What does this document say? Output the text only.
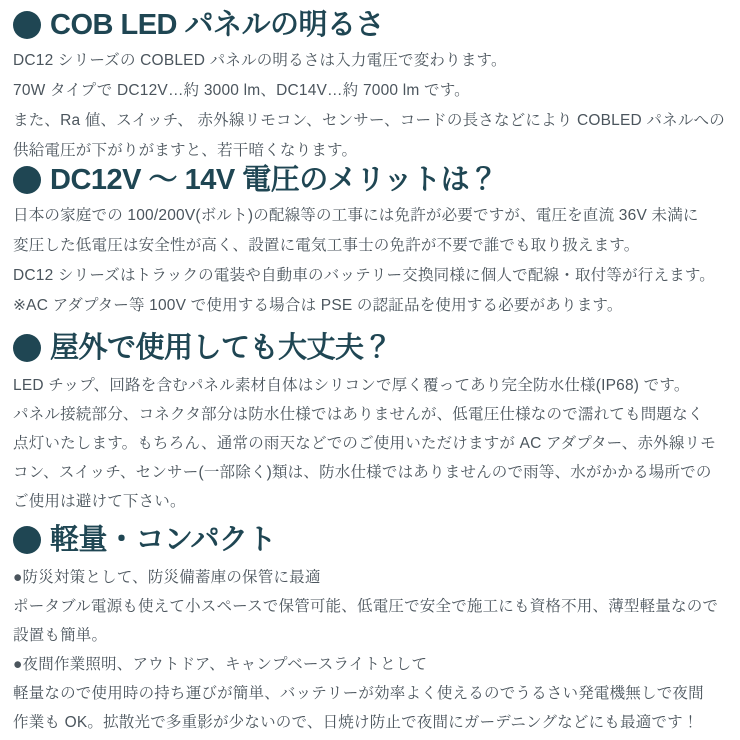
COB LED パネルの明るさ
DC12 シリーズの COBLED パネルの明るさは入力電圧で変わります。
70W タイプで DC12V…約 3000 lm、DC14V…約 7000 lm です。
また、Ra 値、スイッチ、 赤外線リモコン、センサー、コードの長さなどにより COBLED パネルへの
供給電圧が下がりがますと、若干暗くなります。
DC12V ～ 14V 電圧のメリットは？
日本の家庭での 100/200V(ボルト)の配線等の工事には免許が必要ですが、電圧を直流 36V 未満に
変圧した低電圧は安全性が高く、設置に電気工事士の免許が不要で誰でも取り扱えます。
DC12 シリーズはトラックの電装や自動車のバッテリー交換同様に個人で配線・取付等が行えます。
※AC アダプター等 100V で使用する場合は PSE の認証品を使用する必要があります。
屋外で使用しても大丈夫？
LED チップ、回路を含むパネル素材自体はシリコンで厚く覆ってあり完全防水仕様(IP68) です。
パネル接続部分、コネクタ部分は防水仕様ではありませんが、低電圧仕様なので濡れても問題なく
点灯いたします。もちろん、通常の雨天などでのご使用いただけますが AC アダプター、赤外線リモ
コン、スイッチ、センサー(一部除く)類は、防水仕様ではありませんので雨等、水がかかる場所での
ご使用は避けて下さい。
軽量・コンパクト
●防災対策として、防災備蓄庫の保管に最適
ポータブル電源も使えて小スペースで保管可能、低電圧で安全で施工にも資格不用、薄型軽量なので
設置も簡単。
●夜間作業照明、アウトドア、キャンプベースライトとして
軽量なので使用時の持ち運びが簡単、バッテリーが効率よく使えるのでうるさい発電機無しで夜間
作業も OK。拡散光で多重影が少ないので、日焼け防止で夜間にガーデニングなどにも最適です！
